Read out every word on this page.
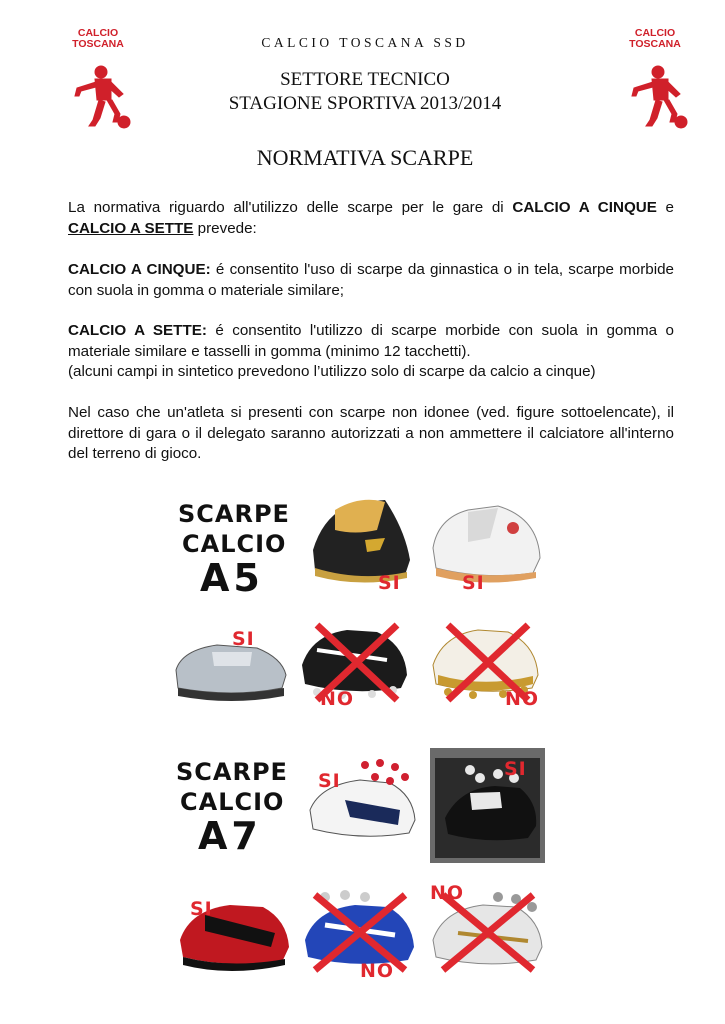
CALCIO
TOSCANA
CALCIO
TOSCANA
CALCIO TOSCANA SSD
SETTORE TECNICO
STAGIONE SPORTIVA 2013/2014
NORMATIVA SCARPE
La normativa riguardo all'utilizzo delle scarpe per le gare di CALCIO A CINQUE e CALCIO A SETTE prevede:
CALCIO A CINQUE: é consentito l'uso di scarpe da ginnastica o in tela, scarpe morbide con suola in gomma o materiale similare;
CALCIO A SETTE: é consentito l'utilizzo di scarpe morbide con suola in gomma o materiale similare e tasselli in gomma (minimo 12 tacchetti).
(alcuni campi in sintetico prevedono l’utilizzo solo di scarpe da calcio a cinque)
Nel caso che un'atleta si presenti con scarpe non idonee (ved. figure sottoelencate), il direttore di gara o il delegato saranno autorizzati a non ammettere il calciatore all'interno del terreno di gioco.
SCARPE
CALCIO
A5	SI	SI
SI
NO	NO
SCARPE
CALCIO
A7
SI
SI
SI
NO
NO
